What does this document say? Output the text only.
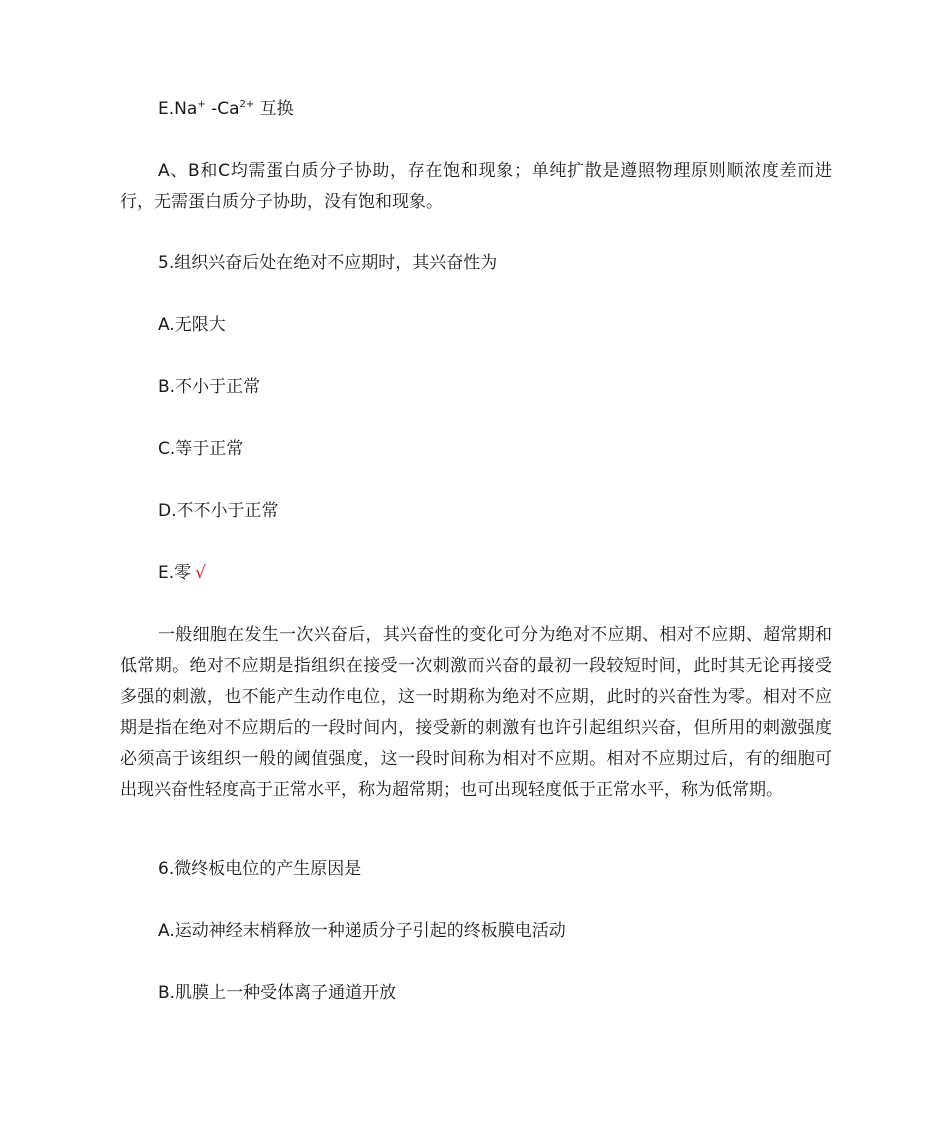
E.Na+ $-Ca^{2+}$ 互换
A、B和C均需蛋白质分子协助，存在饱和现象；单纯扩散是遵照物理原则顺浓度差而进行，无需蛋白质分子协助，没有饱和现象。
5.组织兴奋后处在绝对不应期时，其兴奋性为
A.无限大
B.不小于正常
C.等于正常
D.不不小于正常
E.零 √
一般细胞在发生一次兴奋后，其兴奋性的变化可分为绝对不应期、相对不应期、超常期和低常期。绝对不应期是指组织在接受一次刺激而兴奋的最初一段较短时间，此时其无论再接受多强的刺激，也不能产生动作电位，这一时期称为绝对不应期，此时的兴奋性为零。相对不应期是指在绝对不应期后的一段时间内，接受新的刺激有也许引起组织兴奋，但所用的刺激强度必须高于该组织一般的阈值强度，这一段时间称为相对不应期。相对不应期过后，有的细胞可出现兴奋性轻度高于正常水平，称为超常期；也可出现轻度低于正常水平，称为低常期。
6.微终板电位的产生原因是
A.运动神经末梢释放一种递质分子引起的终板膜电活动
B.肌膜上一种受体离子通道开放
